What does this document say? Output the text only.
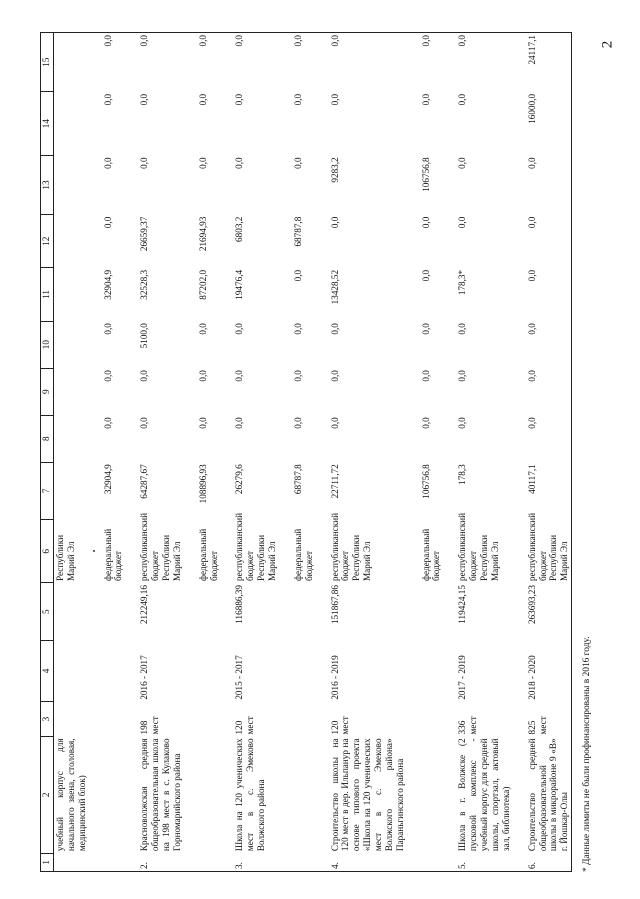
2
1	2	3	4	5	6	7	8	9	10	11	12	13	14	15
	учебный корпус для начального звена, столовая, медицинский блок)				Республики Марий Эл									
					федеральный бюджет	32904,9	0,0	0,0	0,0	32904,9	0,0	0,0	0,0	0,0
2.	Красноволжская средняя общеобразовательная школа на 198 мест в с. Кулаково Горномарийского района	198 мест	2016 - 2017	212249,16	республиканский бюджет Республики Марий Эл	64287,67	0,0	0,0	5100,0	32528,3	26659,37	0,0	0,0	0,0
					федеральный бюджет	108896,93	0,0	0,0	0,0	87202,0	21694,93	0,0	0,0	0,0
3.	Школа на 120 ученических мест в с. Эмеково Волжского района	120 мест	2015 - 2017	116886,39	республиканский бюджет Республики Марий Эл	26279,6	0,0	0,0	0,0	19476,4	6803,2	0,0	0,0	0,0
					федеральный бюджет	68787,8	0,0	0,0	0,0	0,0	68787,8	0,0	0,0	0,0
4.	Строительство школы на 120 мест в дер. Ильпанур на основе типового проекта «Школа на 120 ученических мест в с. Эмеково Волжского района» Параньгинского района	120 мест	2016 - 2019	151867,86	республиканский бюджет Республики Марий Эл	22711,72	0,0	0,0	0,0	13428,52	0,0	9283,2	0,0	0,0
					федеральный бюджет	106756,8	0,0	0,0	0,0	0,0	0,0	106756,8	0,0	0,0
5.	Школа в г. Волжске (2 пусковой комплекс - учебный корпус для средней школы, спортзал, актовый зал, библиотека)	336 мест	2017 - 2019	119424,15	республиканский бюджет Республики Марий Эл	178,3	0,0	0,0	0,0	178,3*	0,0	0,0	0,0	0,0
6.	Строительство средней общеобразовательной школы в микрорайоне 9 «В» г. Йошкар-Олы	825 мест	2018 - 2020	263693,23	республиканский бюджет Республики Марий Эл	40117,1	0,0	0,0	0,0	0,0	0,0	0,0	16000,0	24117,1
* Данные лимиты не были профинансированы в 2016 году.
